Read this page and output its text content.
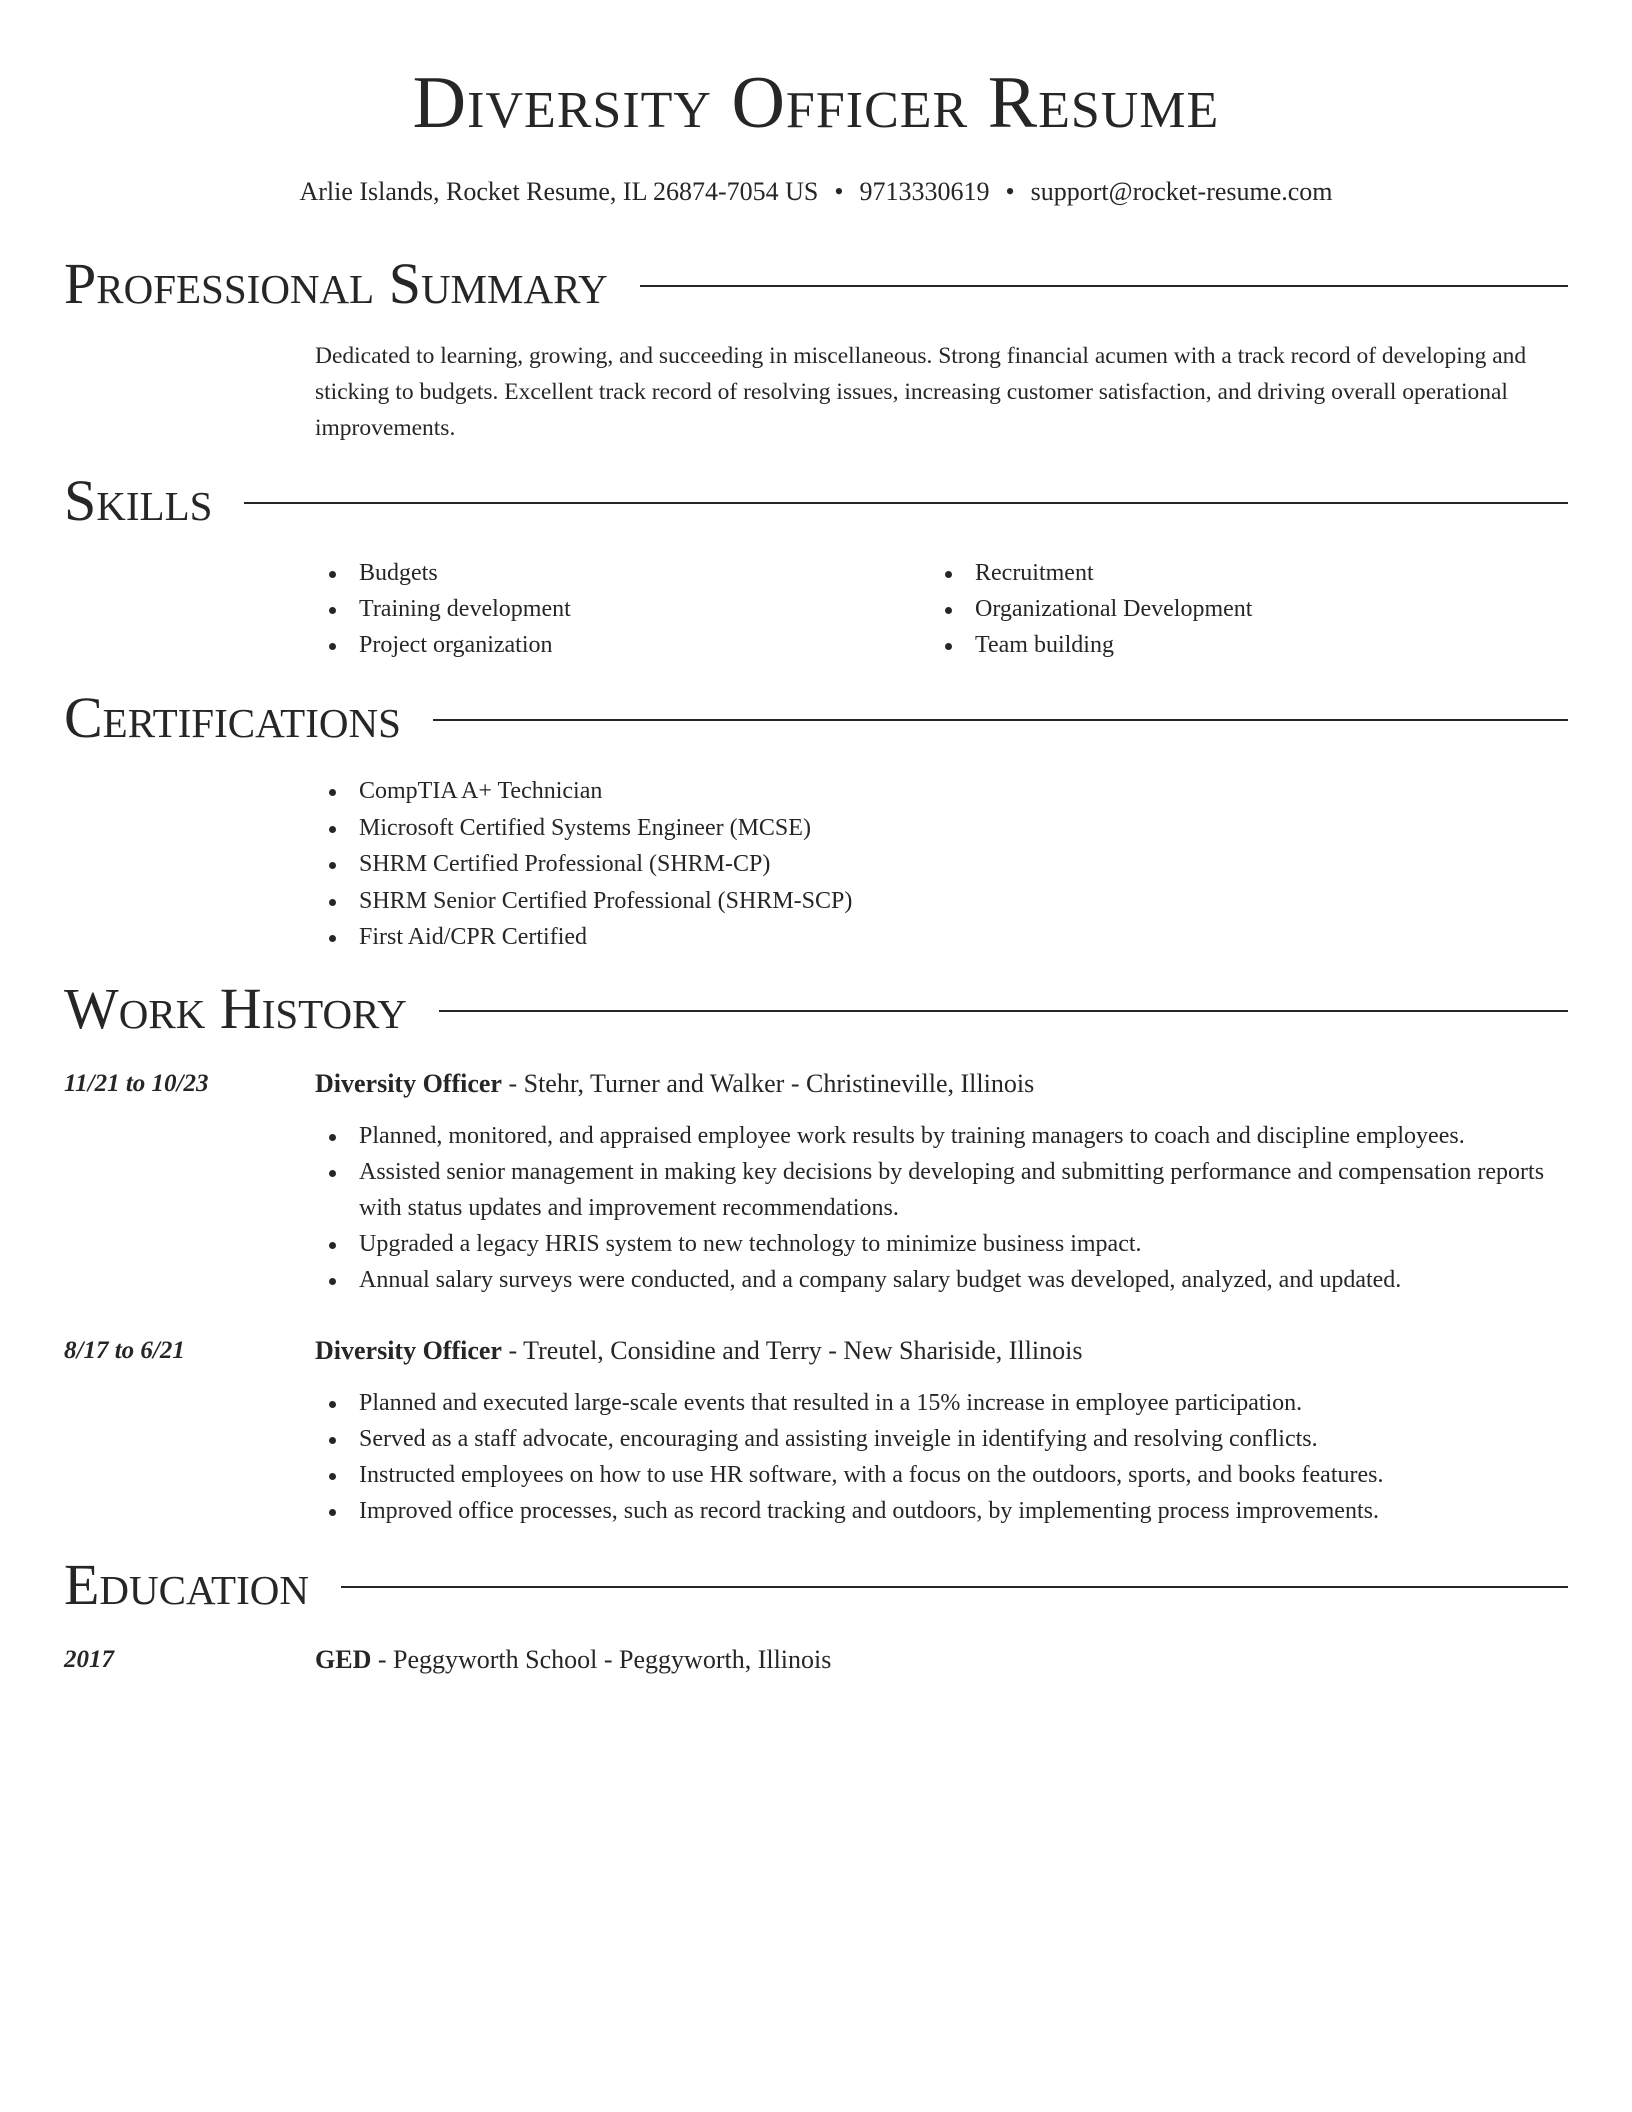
Diversity Officer Resume
Arlie Islands, Rocket Resume, IL 26874-7054 US • 9713330619 • support@rocket-resume.com
Professional Summary
Dedicated to learning, growing, and succeeding in miscellaneous. Strong financial acumen with a track record of developing and sticking to budgets. Excellent track record of resolving issues, increasing customer satisfaction, and driving overall operational improvements.
Skills
Budgets
Training development
Project organization
Recruitment
Organizational Development
Team building
Certifications
CompTIA A+ Technician
Microsoft Certified Systems Engineer (MCSE)
SHRM Certified Professional (SHRM-CP)
SHRM Senior Certified Professional (SHRM-SCP)
First Aid/CPR Certified
Work History
11/21 to 10/23	Diversity Officer - Stehr, Turner and Walker - Christineville, Illinois
Planned, monitored, and appraised employee work results by training managers to coach and discipline employees.
Assisted senior management in making key decisions by developing and submitting performance and compensation reports with status updates and improvement recommendations.
Upgraded a legacy HRIS system to new technology to minimize business impact.
Annual salary surveys were conducted, and a company salary budget was developed, analyzed, and updated.
8/17 to 6/21	Diversity Officer - Treutel, Considine and Terry - New Shariside, Illinois
Planned and executed large-scale events that resulted in a 15% increase in employee participation.
Served as a staff advocate, encouraging and assisting inveigle in identifying and resolving conflicts.
Instructed employees on how to use HR software, with a focus on the outdoors, sports, and books features.
Improved office processes, such as record tracking and outdoors, by implementing process improvements.
Education
2017	GED - Peggyworth School - Peggyworth, Illinois
